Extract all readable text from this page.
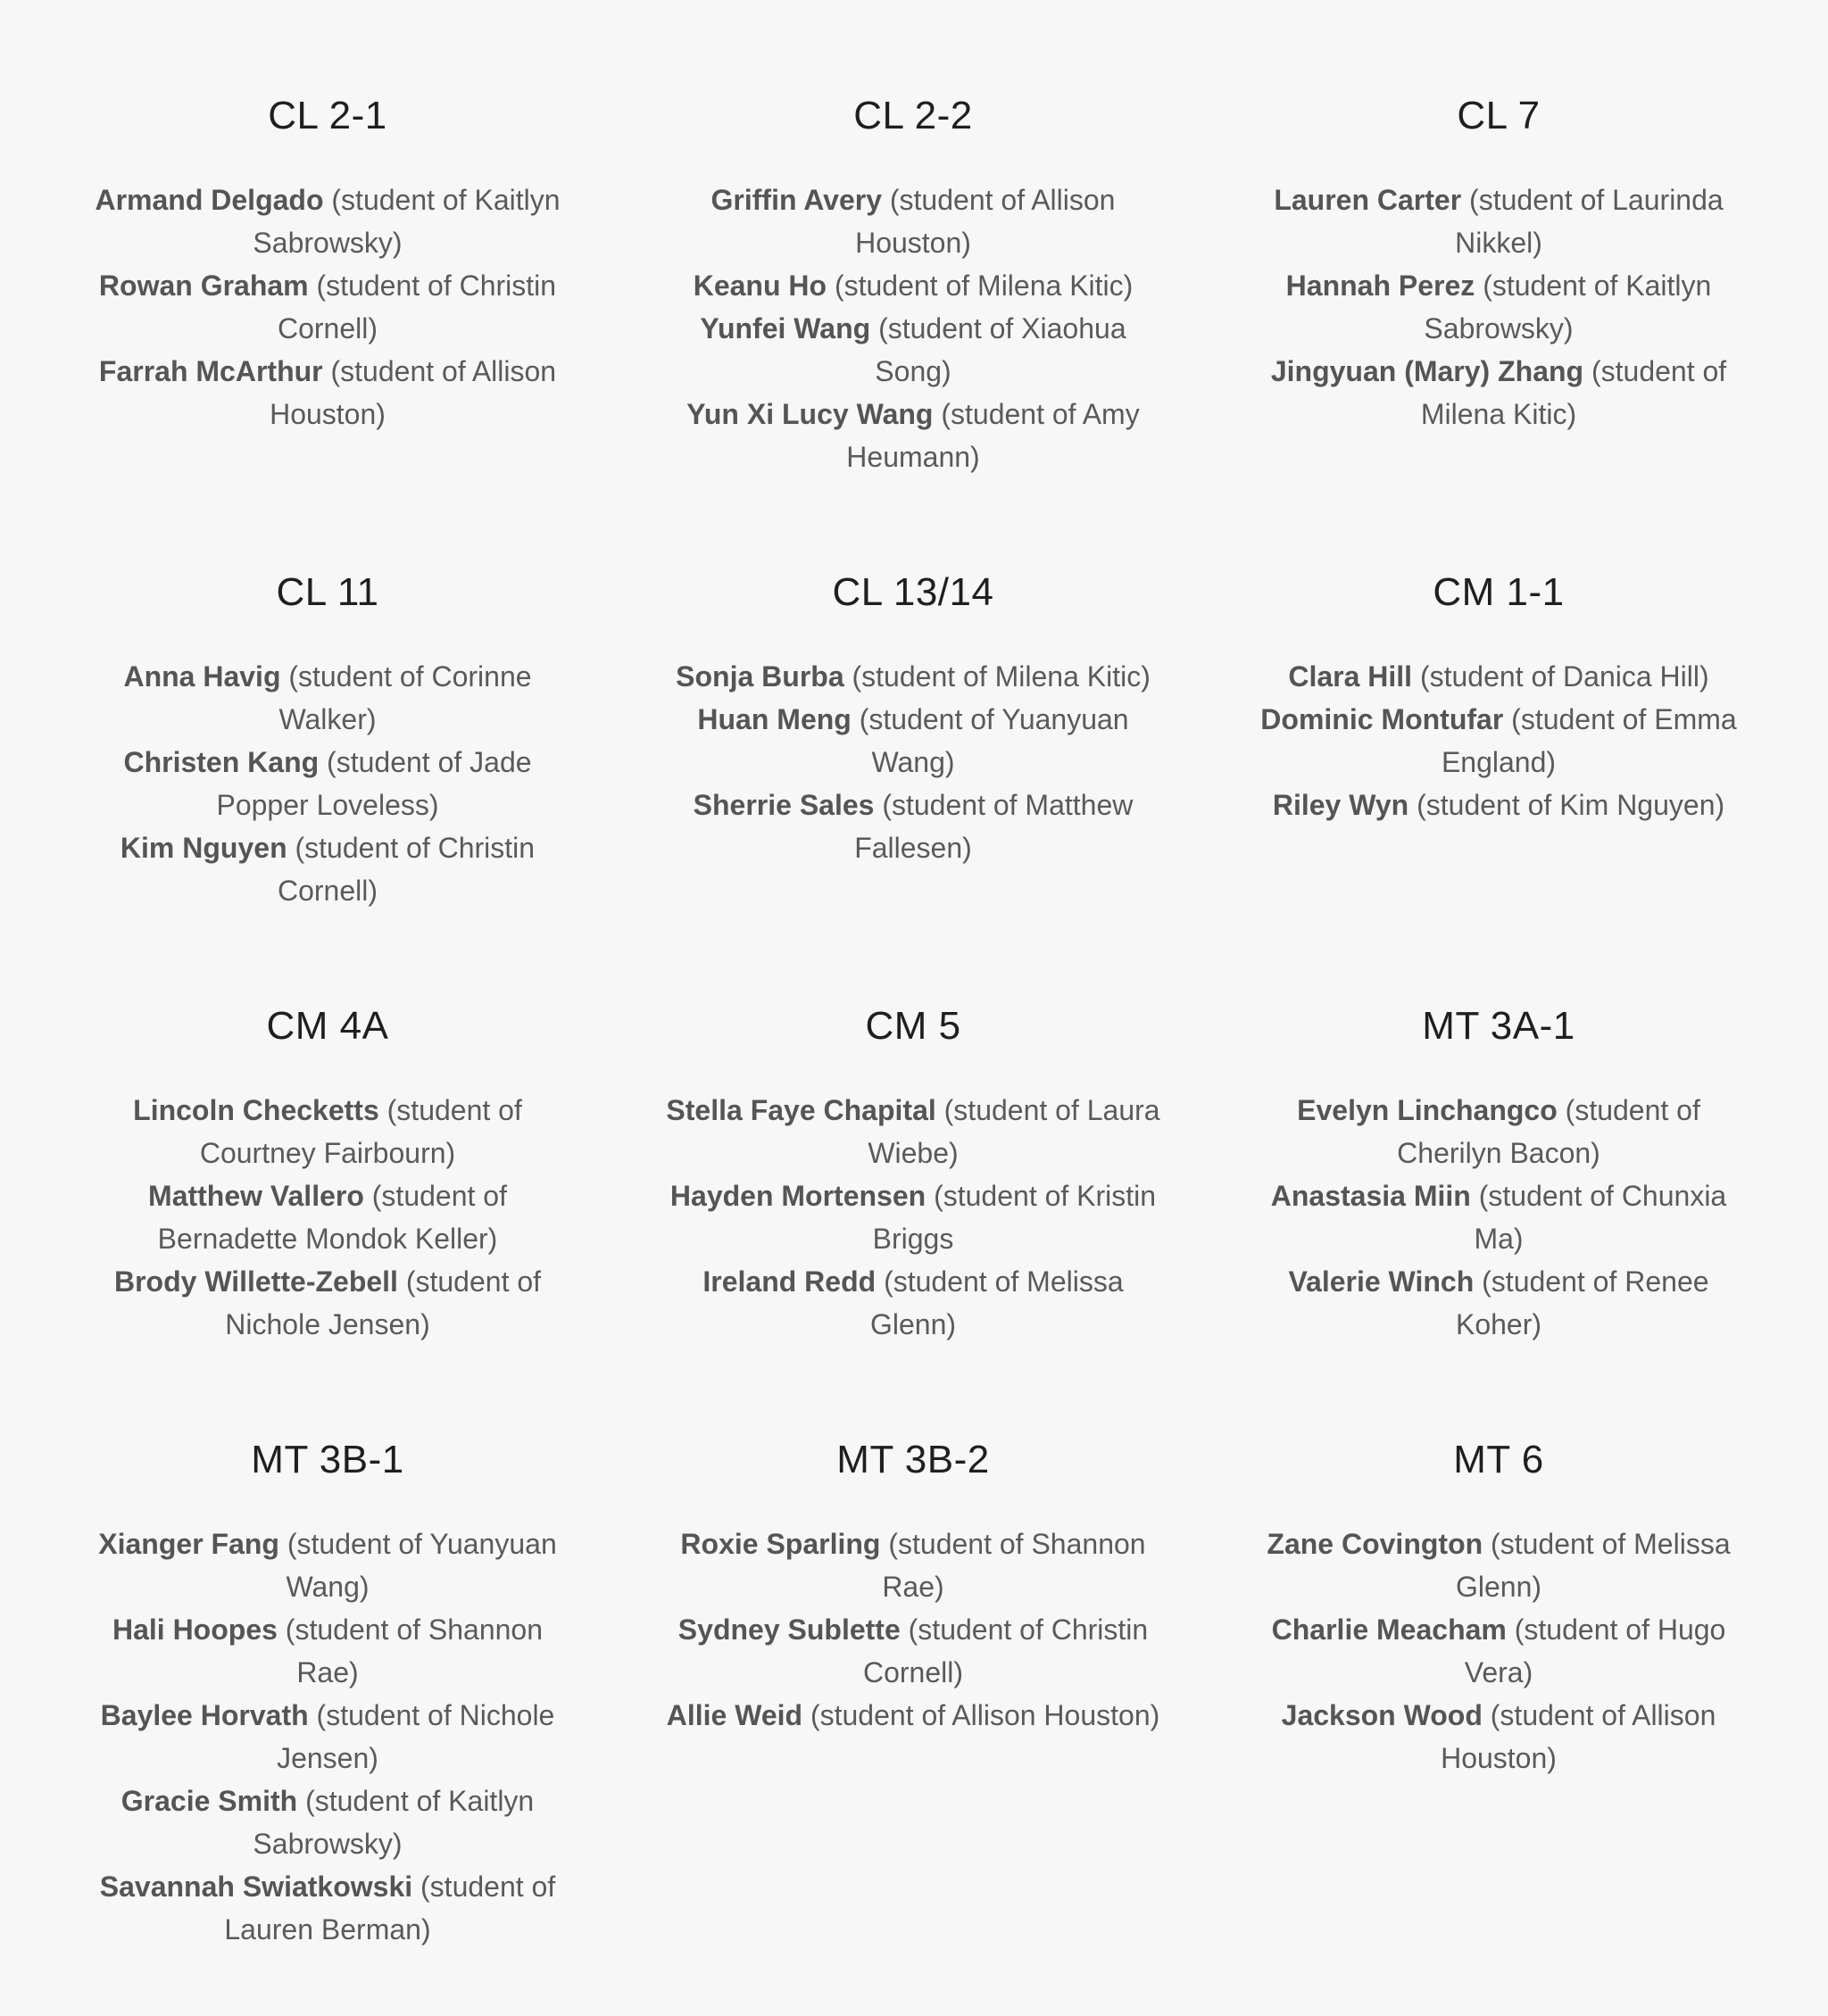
CL 2-1
Armand Delgado (student of Kaitlyn Sabrowsky)
Rowan Graham (student of Christin Cornell)
Farrah McArthur (student of Allison Houston)
CL 2-2
Griffin Avery (student of Allison Houston)
Keanu Ho (student of Milena Kitic)
Yunfei Wang (student of Xiaohua Song)
Yun Xi Lucy Wang (student of Amy Heumann)
CL 7
Lauren Carter (student of Laurinda Nikkel)
Hannah Perez (student of Kaitlyn Sabrowsky)
Jingyuan (Mary) Zhang (student of Milena Kitic)
CL 11
Anna Havig (student of Corinne Walker)
Christen Kang (student of Jade Popper Loveless)
Kim Nguyen (student of Christin Cornell)
CL 13/14
Sonja Burba (student of Milena Kitic)
Huan Meng (student of Yuanyuan Wang)
Sherrie Sales (student of Matthew Fallesen)
CM 1-1
Clara Hill (student of Danica Hill)
Dominic Montufar (student of Emma England)
Riley Wyn (student of Kim Nguyen)
CM 4A
Lincoln Checketts (student of Courtney Fairbourn)
Matthew Vallero (student of Bernadette Mondok Keller)
Brody Willette-Zebell (student of Nichole Jensen)
CM 5
Stella Faye Chapital (student of Laura Wiebe)
Hayden Mortensen (student of Kristin Briggs
Ireland Redd (student of Melissa Glenn)
MT 3A-1
Evelyn Linchangco (student of Cherilyn Bacon)
Anastasia Miin (student of Chunxia Ma)
Valerie Winch (student of Renee Koher)
MT 3B-1
Xianger Fang (student of Yuanyuan Wang)
Hali Hoopes (student of Shannon Rae)
Baylee Horvath (student of Nichole Jensen)
Gracie Smith (student of Kaitlyn Sabrowsky)
Savannah Swiatkowski (student of Lauren Berman)
MT 3B-2
Roxie Sparling (student of Shannon Rae)
Sydney Sublette (student of Christin Cornell)
Allie Weid (student of Allison Houston)
MT 6
Zane Covington (student of Melissa Glenn)
Charlie Meacham (student of Hugo Vera)
Jackson Wood (student of Allison Houston)
